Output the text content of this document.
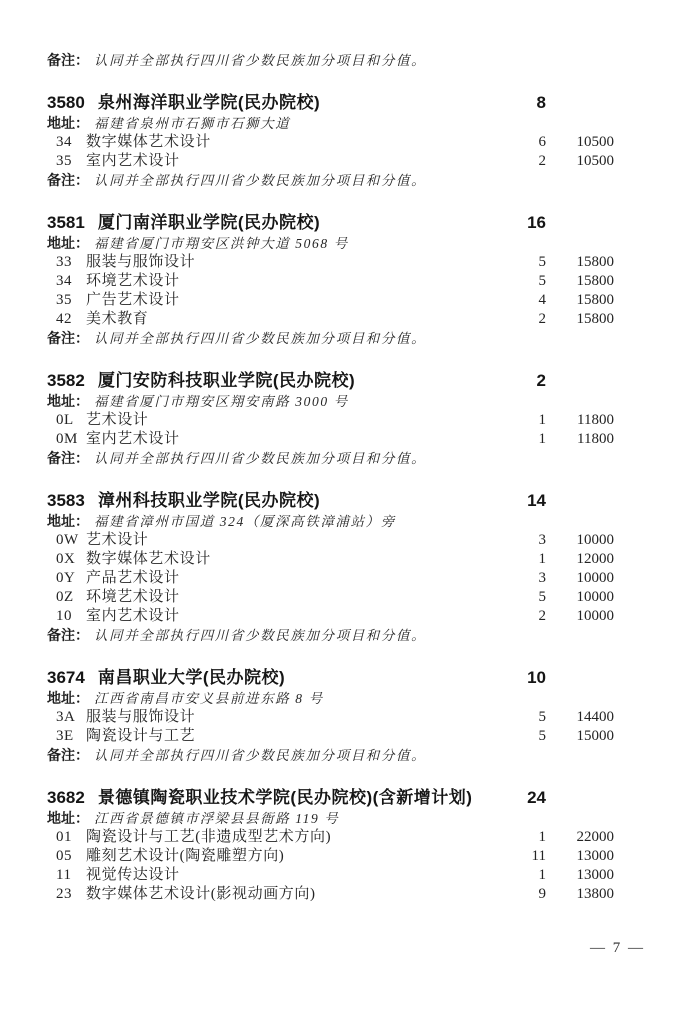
备注： 认同并全部执行四川省少数民族加分项目和分值。
3580 泉州海洋职业学院(民办院校)	8
地址： 福建省泉州市石狮市石狮大道
34 数字媒体艺术设计	6	10500
35 室内艺术设计	2	10500
备注： 认同并全部执行四川省少数民族加分项目和分值。
3581 厦门南洋职业学院(民办院校)	16
地址： 福建省厦门市翔安区洪钟大道 5068 号
33 服装与服饰设计	5	15800
34 环境艺术设计	5	15800
35 广告艺术设计	4	15800
42 美术教育	2	15800
备注： 认同并全部执行四川省少数民族加分项目和分值。
3582 厦门安防科技职业学院(民办院校)	2
地址： 福建省厦门市翔安区翔安南路 3000 号
0L 艺术设计	1	11800
0M 室内艺术设计	1	11800
备注： 认同并全部执行四川省少数民族加分项目和分值。
3583 漳州科技职业学院(民办院校)	14
地址： 福建省漳州市国道 324（厦深高铁漳浦站）旁
0W 艺术设计	3	10000
0X 数字媒体艺术设计	1	12000
0Y 产品艺术设计	3	10000
0Z 环境艺术设计	5	10000
10 室内艺术设计	2	10000
备注： 认同并全部执行四川省少数民族加分项目和分值。
3674 南昌职业大学(民办院校)	10
地址： 江西省南昌市安义县前进东路 8 号
3A 服装与服饰设计	5	14400
3E 陶瓷设计与工艺	5	15000
备注： 认同并全部执行四川省少数民族加分项目和分值。
3682 景德镇陶瓷职业技术学院(民办院校)(含新增计划)	24
地址： 江西省景德镇市浮梁县县衙路 119 号
01 陶瓷设计与工艺(非遗成型艺术方向)	1	22000
05 雕刻艺术设计(陶瓷雕塑方向)	11	13000
11 视觉传达设计	1	13000
23 数字媒体艺术设计(影视动画方向)	9	13800
— 7 —
